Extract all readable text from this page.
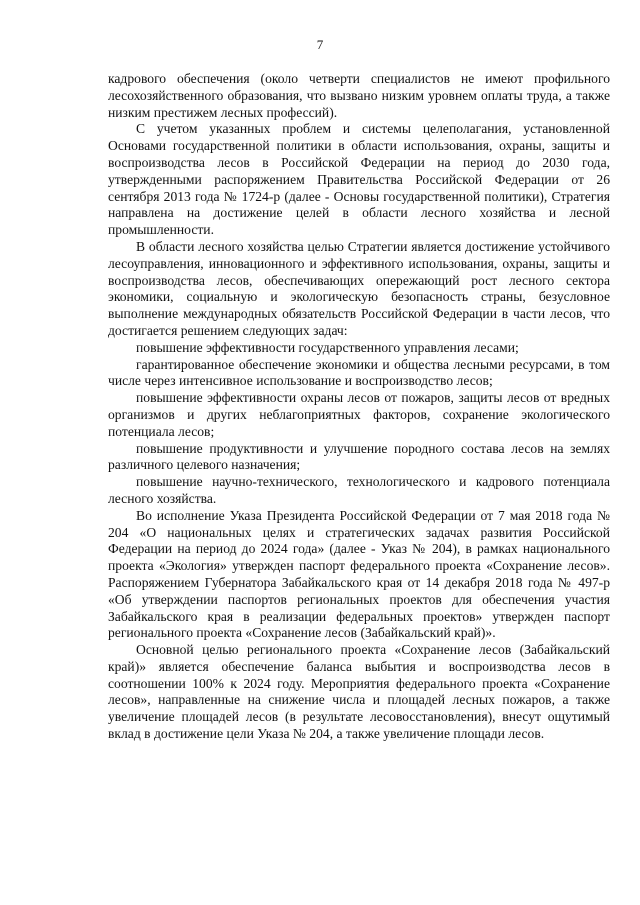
7

кадрового обеспечения (около четверти специалистов не имеют профильного лесохозяйственного образования, что вызвано низким уровнем оплаты труда, а также низким престижем лесных профессий).

С учетом указанных проблем и системы целеполагания, установленной Основами государственной политики в области использования, охраны, защиты и воспроизводства лесов в Российской Федерации на период до 2030 года, утвержденными распоряжением Правительства Российской Федерации от 26 сентября 2013 года № 1724-р (далее - Основы государственной политики), Стратегия направлена на достижение целей в области лесного хозяйства и лесной промышленности.

В области лесного хозяйства целью Стратегии является достижение устойчивого лесоуправления, инновационного и эффективного использования, охраны, защиты и воспроизводства лесов, обеспечивающих опережающий рост лесного сектора экономики, социальную и экологическую безопасность страны, безусловное выполнение международных обязательств Российской Федерации в части лесов, что достигается решением следующих задач:

повышение эффективности государственного управления лесами;

гарантированное обеспечение экономики и общества лесными ресурсами, в том числе через интенсивное использование и воспроизводство лесов;

повышение эффективности охраны лесов от пожаров, защиты лесов от вредных организмов и других неблагоприятных факторов, сохранение экологического потенциала лесов;

повышение продуктивности и улучшение породного состава лесов на землях различного целевого назначения;

повышение научно-технического, технологического и кадрового потенциала лесного хозяйства.

Во исполнение Указа Президента Российской Федерации от 7 мая 2018 года № 204 «О национальных целях и стратегических задачах развития Российской Федерации на период до 2024 года» (далее - Указ № 204), в рамках национального проекта «Экология» утвержден паспорт федерального проекта «Сохранение лесов». Распоряжением Губернатора Забайкальского края от 14 декабря 2018 года № 497-р «Об утверждении паспортов региональных проектов для обеспечения участия Забайкальского края в реализации федеральных проектов» утвержден паспорт регионального проекта «Сохранение лесов (Забайкальский край)».

Основной целью регионального проекта «Сохранение лесов (Забайкальский край)» является обеспечение баланса выбытия и воспроизводства лесов в соотношении 100% к 2024 году. Мероприятия федерального проекта «Сохранение лесов», направленные на снижение числа и площадей лесных пожаров, а также увеличение площадей лесов (в результате лесовосстановления), внесут ощутимый вклад в достижение цели Указа № 204, а также увеличение площади лесов.
